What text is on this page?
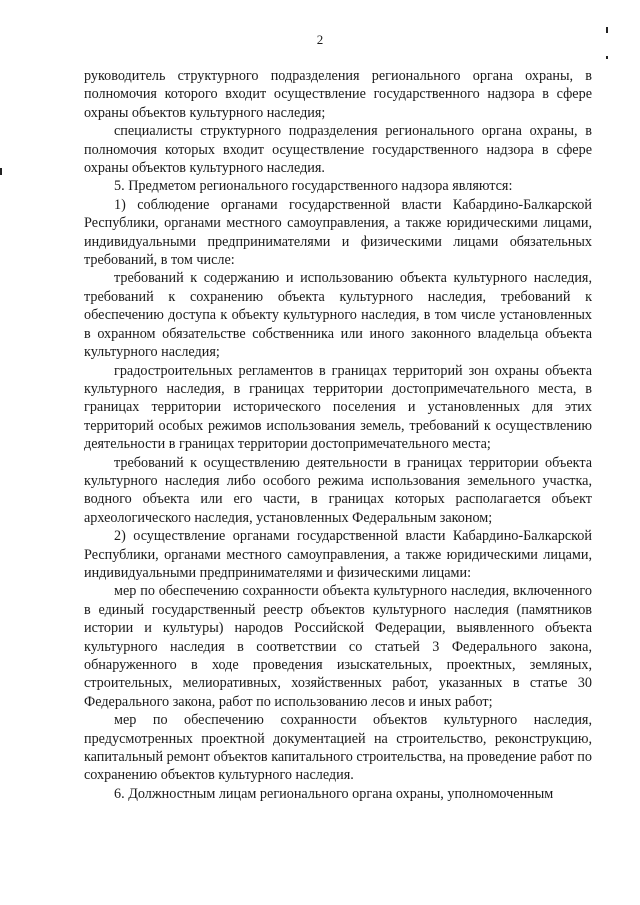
2

руководитель структурного подразделения регионального органа охраны, в полномочия которого входит осуществление государственного надзора в сфере охраны объектов культурного наследия;

специалисты структурного подразделения регионального органа охраны, в полномочия которых входит осуществление государственного надзора в сфере охраны объектов культурного наследия.

5. Предметом регионального государственного надзора являются:

1) соблюдение органами государственной власти Кабардино-Балкарской Республики, органами местного самоуправления, а также юридическими лицами, индивидуальными предпринимателями и физическими лицами обязательных требований, в том числе:

требований к содержанию и использованию объекта культурного наследия, требований к сохранению объекта культурного наследия, требований к обеспечению доступа к объекту культурного наследия, в том числе установленных в охранном обязательстве собственника или иного законного владельца объекта культурного наследия;

градостроительных регламентов в границах территорий зон охраны объекта культурного наследия, в границах территории достопримечательного места, в границах территории исторического поселения и установленных для этих территорий особых режимов использования земель, требований к осуществлению деятельности в границах территории достопримечательного места;

требований к осуществлению деятельности в границах территории объекта культурного наследия либо особого режима использования земельного участка, водного объекта или его части, в границах которых располагается объект археологического наследия, установленных Федеральным законом;

2) осуществление органами государственной власти Кабардино-Балкарской Республики, органами местного самоуправления, а также юридическими лицами, индивидуальными предпринимателями и физическими лицами:

мер по обеспечению сохранности объекта культурного наследия, включенного в единый государственный реестр объектов культурного наследия (памятников истории и культуры) народов Российской Федерации, выявленного объекта культурного наследия в соответствии со статьей 3 Федерального закона, обнаруженного в ходе проведения изыскательных, проектных, земляных, строительных, мелиоративных, хозяйственных работ, указанных в статье 30 Федерального закона, работ по использованию лесов и иных работ;

мер по обеспечению сохранности объектов культурного наследия, предусмотренных проектной документацией на строительство, реконструкцию, капитальный ремонт объектов капитального строительства, на проведение работ по сохранению объектов культурного наследия.

6. Должностным лицам регионального органа охраны, уполномоченным
